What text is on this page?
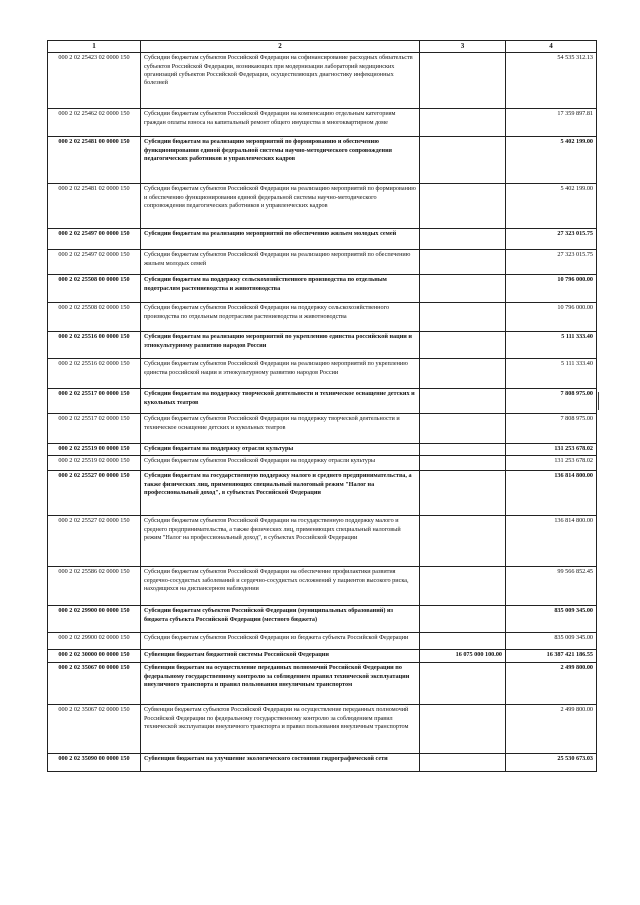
1	2	3	4
000 2 02 25423 02 0000 150	Субсидии бюджетам субъектов Российской Федерации на софинансирование расходных обязательств субъектов Российской Федерации, возникающих при модернизации лабораторий медицинских организаций субъектов Российской Федерации, осуществляющих диагностику инфекционных болезней		54 535 312.13
000 2 02 25462 02 0000 150	Субсидии бюджетам субъектов Российской Федерации на компенсацию отдельным категориям граждан оплаты взноса на капитальный ремонт общего имущества в многоквартирном доме		17 359 897.81
000 2 02 25481 00 0000 150	Субсидии бюджетам на реализацию мероприятий по формированию и обеспечению функционирования единой федеральной системы научно-методического сопровождения педагогических работников и управленческих кадров		5 402 199.00
000 2 02 25481 02 0000 150	Субсидии бюджетам субъектов Российской Федерации на реализацию мероприятий по формированию и обеспечению функционирования единой федеральной системы научно-методического сопровождения педагогических работников и управленческих кадров		5 402 199.00
000 2 02 25497 00 0000 150	Субсидии бюджетам на реализацию мероприятий по обеспечению жильем молодых семей		27 323 015.75
000 2 02 25497 02 0000 150	Субсидии бюджетам субъектов Российской Федерации на реализацию мероприятий по обеспечению жильем молодых семей		27 323 015.75
000 2 02 25508 00 0000 150	Субсидии бюджетам на поддержку сельскохозяйственного производства по отдельным подотраслям растениеводства и животноводства		10 796 000.00
000 2 02 25508 02 0000 150	Субсидии бюджетам субъектов Российской Федерации на поддержку сельскохозяйственного производства по отдельным подотраслям растениеводства и животноводства		10 796 000.00
000 2 02 25516 00 0000 150	Субсидии бюджетам на реализацию мероприятий по укреплению единства российской нации и этнокультурному развитию народов России		5 111 333.40
000 2 02 25516 02 0000 150	Субсидии бюджетам субъектов Российской Федерации на реализацию мероприятий по укреплению единства российской нации и этнокультурному развитию народов России		5 111 333.40
000 2 02 25517 00 0000 150	Субсидии бюджетам на поддержку творческой деятельности и техническое оснащение детских и кукольных театров		7 808 975.00
000 2 02 25517 02 0000 150	Субсидии бюджетам субъектов Российской Федерации на поддержку творческой деятельности и техническое оснащение детских и кукольных театров		7 808 975.00
000 2 02 25519 00 0000 150	Субсидии бюджетам на поддержку отрасли культуры		131 253 678.02
000 2 02 25519 02 0000 150	Субсидии бюджетам субъектов Российской Федерации на поддержку отрасли культуры		131 253 678.02
000 2 02 25527 00 0000 150	Субсидии бюджетам на государственную поддержку малого и среднего предпринимательства, а также физических лиц, применяющих специальный налоговый режим "Налог на профессиональный доход", в субъектах Российской Федерации		136 814 800.00
000 2 02 25527 02 0000 150	Субсидии бюджетам субъектов Российской Федерации на государственную поддержку малого и среднего предпринимательства, а также физических лиц, применяющих специальный налоговый режим "Налог на профессиональный доход", в субъектах Российской Федерации		136 814 800.00
000 2 02 25586 02 0000 150	Субсидии бюджетам субъектов Российской Федерации на обеспечение профилактики развития сердечно-сосудистых заболеваний и сердечно-сосудистых осложнений у пациентов высокого риска, находящихся на диспансерном наблюдении		99 566 852.45
000 2 02 29900 00 0000 150	Субсидии бюджетам субъектов Российской Федерации (муниципальных образований) из бюджета субъекта Российской Федерации (местного бюджета)		835 009 345.00
000 2 02 29900 02 0000 150	Субсидии бюджетам субъектов Российской Федерации из бюджета субъекта Российской Федерации		835 009 345.00
000 2 02 30000 00 0000 150	Субвенции бюджетам бюджетной системы Российской Федерации	16 075 000 100.00	16 387 421 186.55
000 2 02 35067 00 0000 150	Субвенции бюджетам на осуществление переданных полномочий Российской Федерации по федеральному государственному контролю за соблюдением правил технической эксплуатации внеуличного транспорта и правил пользования внеуличным транспортом		2 499 800.00
000 2 02 35067 02 0000 150	Субвенции бюджетам субъектов Российской Федерации на осуществление переданных полномочий Российской Федерации по федеральному государственному контролю за соблюдением правил технической эксплуатации внеуличного транспорта и правил пользования внеуличным транспортом		2 499 800.00
000 2 02 35090 00 0000 150	Субвенции бюджетам на улучшение экологического состояния гидрографической сети		25 530 673.03
